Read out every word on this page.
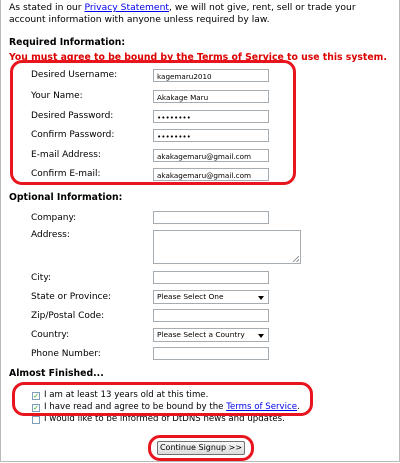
As stated in our Privacy Statement, we will not give, rent, sell or trade your account information with anyone unless required by law.
Required Information:
You must agree to be bound by the Terms of Service to use this system.
Desired Username:	kagemaru2010
Your Name:	Akakage Maru
Desired Password:	••••••••
Confirm Password:	••••••••
E-mail Address:	akakagemaru@gmail.com
Confirm E-mail:	akakagemaru@gmail.com
Optional Information:
Company:
Address:
City:
State or Province:	Please Select One
Zip/Postal Code:
Country:	Please Select a Country
Phone Number:
Almost Finished...
✓ I am at least 13 years old at this time.
✓ I have read and agree to be bound by the Terms of Service.
I would like to be informed of DtDNS news and updates.
Continue Signup >>
